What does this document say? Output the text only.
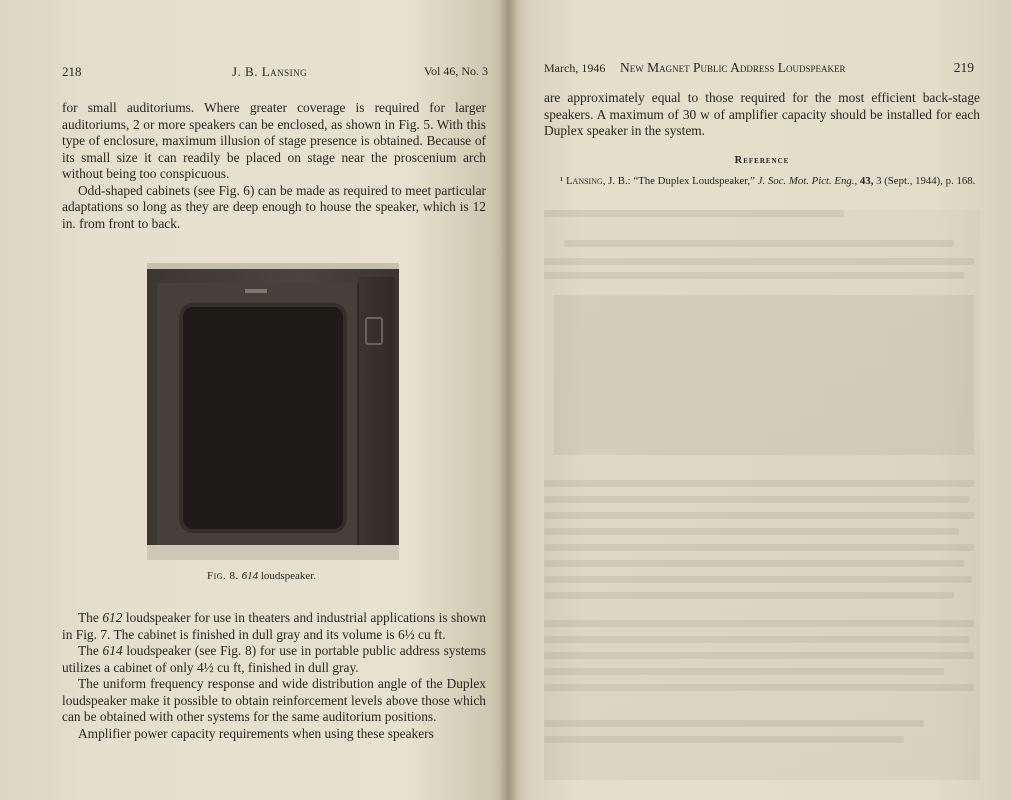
218	J. B. Lansing	Vol 46, No. 3

for small auditoriums. Where greater coverage is required for larger auditoriums, 2 or more speakers can be enclosed, as shown in Fig. 5. With this type of enclosure, maximum illusion of stage presence is obtained. Because of its small size it can readily be placed on stage near the proscenium arch without being too conspicuous.

Odd-shaped cabinets (see Fig. 6) can be made as required to meet particular adaptations so long as they are deep enough to house the speaker, which is 12 in. from front to back.

Fig. 8. 614 loudspeaker.

The 612 loudspeaker for use in theaters and industrial applications is shown in Fig. 7. The cabinet is finished in dull gray and its volume is 6½ cu ft.

The 614 loudspeaker (see Fig. 8) for use in portable public address systems utilizes a cabinet of only 4½ cu ft, finished in dull gray.

The uniform frequency response and wide distribution angle of the Duplex loudspeaker make it possible to obtain reinforcement levels above those which can be obtained with other systems for the same auditorium positions.

Amplifier power capacity requirements when using these speakers

March, 1946 New Magnet Public Address Loudspeaker	219

are approximately equal to those required for the most efficient back-stage speakers. A maximum of 30 w of amplifier capacity should be installed for each Duplex speaker in the system.

Reference
¹ Lansing, J. B.: “The Duplex Loudspeaker,” J. Soc. Mot. Pict. Eng., 43, 3 (Sept., 1944), p. 168.
